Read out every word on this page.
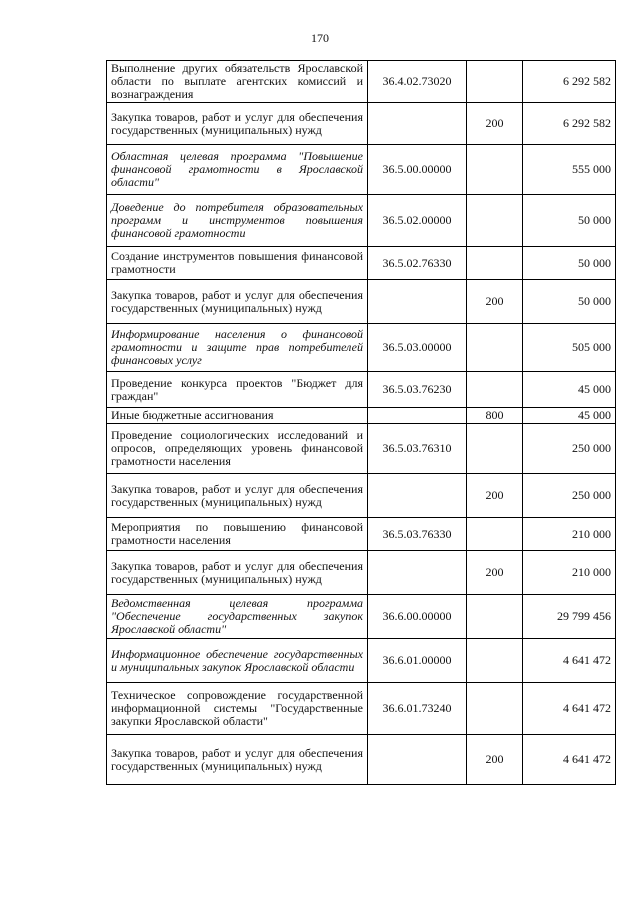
170
Выполнение других обязательств Ярославской области по выплате агентских комиссий и вознаграждения	36.4.02.73020		6 292 582
Закупка товаров, работ и услуг для обеспечения государственных (муниципальных) нужд		200	6 292 582
Областная целевая программа "Повышение финансовой грамотности в Ярославской области"	36.5.00.00000		555 000
Доведение до потребителя образовательных программ и инструментов повышения финансовой грамотности	36.5.02.00000		50 000
Создание инструментов повышения финансовой грамотности	36.5.02.76330		50 000
Закупка товаров, работ и услуг для обеспечения государственных (муниципальных) нужд		200	50 000
Информирование населения о финансовой грамотности и защите прав потребителей финансовых услуг	36.5.03.00000		505 000
Проведение конкурса проектов "Бюджет для граждан"	36.5.03.76230		45 000
Иные бюджетные ассигнования		800	45 000
Проведение социологических исследований и опросов, определяющих уровень финансовой грамотности населения	36.5.03.76310		250 000
Закупка товаров, работ и услуг для обеспечения государственных (муниципальных) нужд		200	250 000
Мероприятия по повышению финансовой грамотности населения	36.5.03.76330		210 000
Закупка товаров, работ и услуг для обеспечения государственных (муниципальных) нужд		200	210 000
Ведомственная целевая программа "Обеспечение государственных закупок Ярославской области"	36.6.00.00000		29 799 456
Информационное обеспечение государственных и муниципальных закупок Ярославской области	36.6.01.00000		4 641 472
Техническое сопровождение государственной информационной системы "Государственные закупки Ярославской области"	36.6.01.73240		4 641 472
Закупка товаров, работ и услуг для обеспечения государственных (муниципальных) нужд		200	4 641 472
